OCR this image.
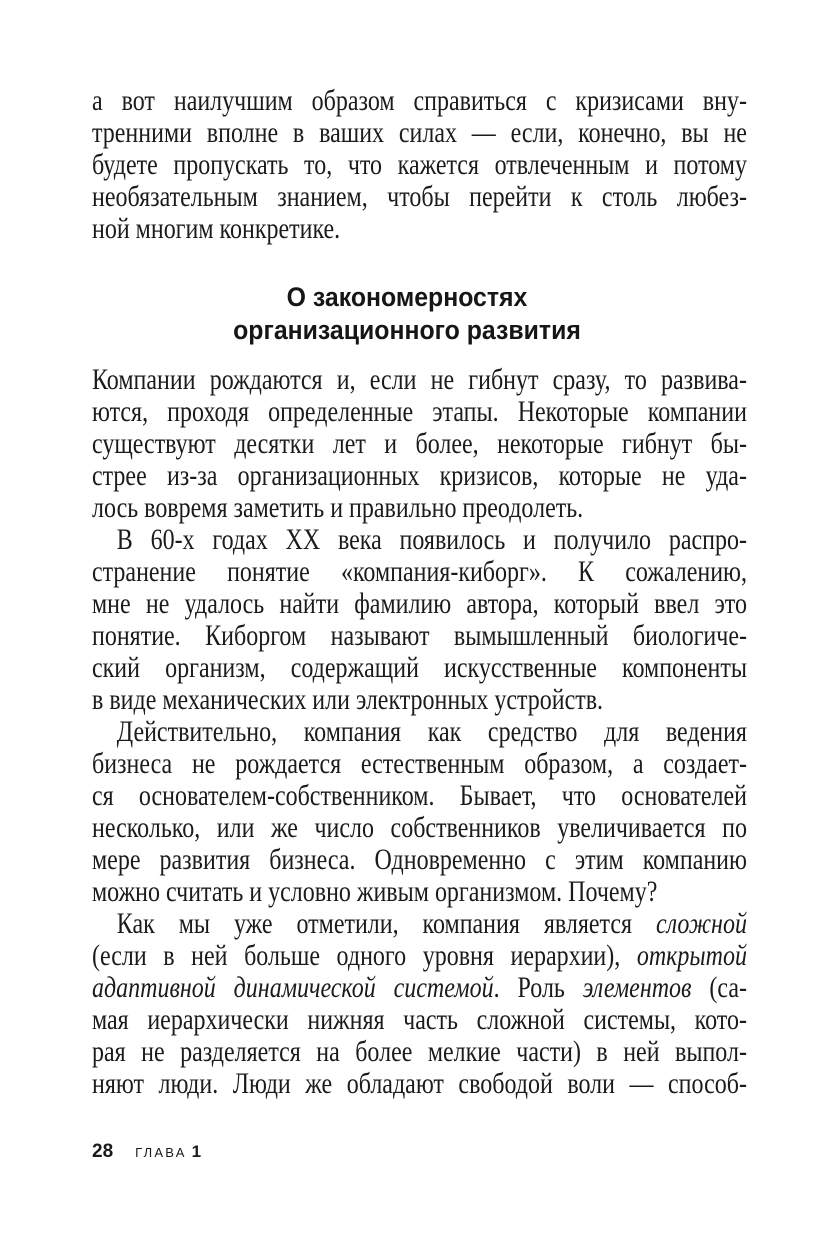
а вот наилучшим образом справиться с кризисами вну-
тренними вполне в ваших силах — если, конечно, вы не
будете пропускать то, что кажется отвлеченным и потому
необязательным знанием, чтобы перейти к столь любез-
ной многим конкретике.
О закономерностях
организационного развития
Компании рождаются и, если не гибнут сразу, то развива-
ются, проходя определенные этапы. Некоторые компании
существуют десятки лет и более, некоторые гибнут бы-
стрее из-за организационных кризисов, которые не уда-
лось вовремя заметить и правильно преодолеть.
В 60-х годах XX века появилось и получило распро-
странение понятие «компания-киборг». К сожалению,
мне не удалось найти фамилию автора, который ввел это
понятие. Киборгом называют вымышленный биологиче-
ский организм, содержащий искусственные компоненты
в виде механических или электронных устройств.
Действительно, компания как средство для ведения
бизнеса не рождается естественным образом, а создает-
ся основателем-собственником. Бывает, что основателей
несколько, или же число собственников увеличивается по
мере развития бизнеса. Одновременно с этим компанию
можно считать и условно живым организмом. Почему?
Как мы уже отметили, компания является сложной
(если в ней больше одного уровня иерархии), открытой
адаптивной динамической системой. Роль элементов (са-
мая иерархически нижняя часть сложной системы, кото-
рая не разделяется на более мелкие части) в ней выпол-
няют люди. Люди же обладают свободой воли — способ-
28 ГЛАВА 1
